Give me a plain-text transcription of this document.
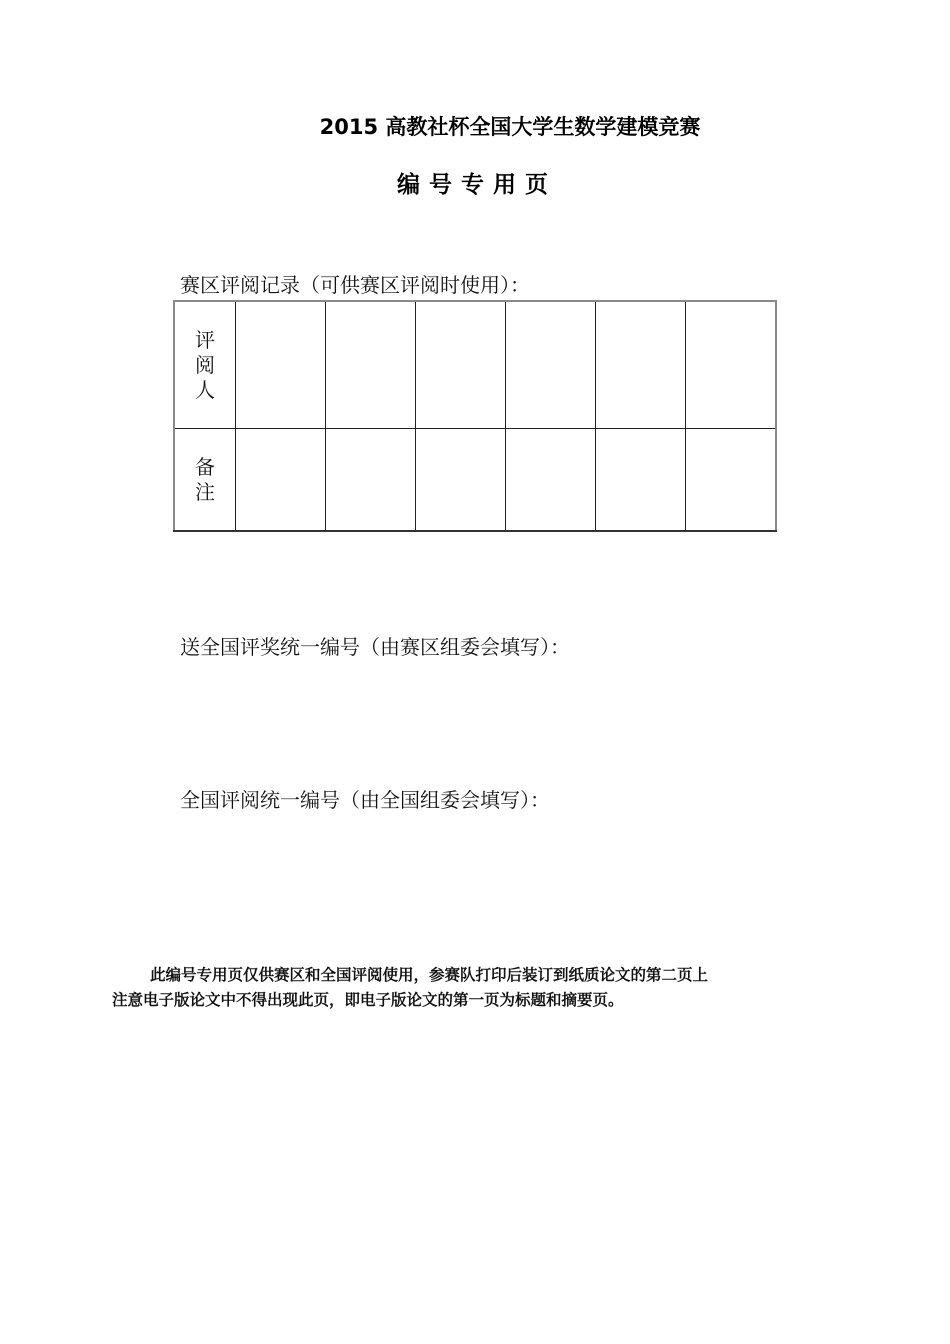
2015 高教社杯全国大学生数学建模竞赛
编号专用页
赛区评阅记录（可供赛区评阅时使用）：
评阅人						
备注						
送全国评奖统一编号（由赛区组委会填写）：
全国评阅统一编号（由全国组委会填写）：
此编号专用页仅供赛区和全国评阅使用，参赛队打印后装订到纸质论文的第二页上
注意电子版论文中不得出现此页，即电子版论文的第一页为标题和摘要页。
